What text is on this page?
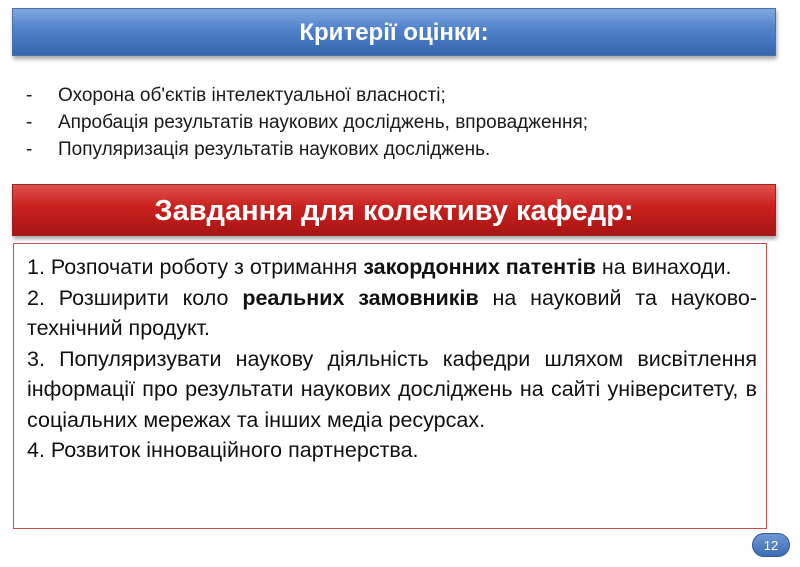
Критерії оцінки:
- Охорона об'єктів інтелектуальної власності;
- Апробація результатів наукових досліджень, впровадження;
- Популяризація результатів наукових досліджень.
Завдання для колективу кафедр:

1. Розпочати роботу з отримання закордонних патентів на винаходи.

2. Розширити коло реальних замовників на науковий та науково-технічний продукт.

3. Популяризувати наукову діяльність кафедри шляхом висвітлення інформації про результати наукових досліджень на сайті університету, в соціальних мережах та інших медіа ресурсах.

4. Розвиток інноваційного партнерства.

12
